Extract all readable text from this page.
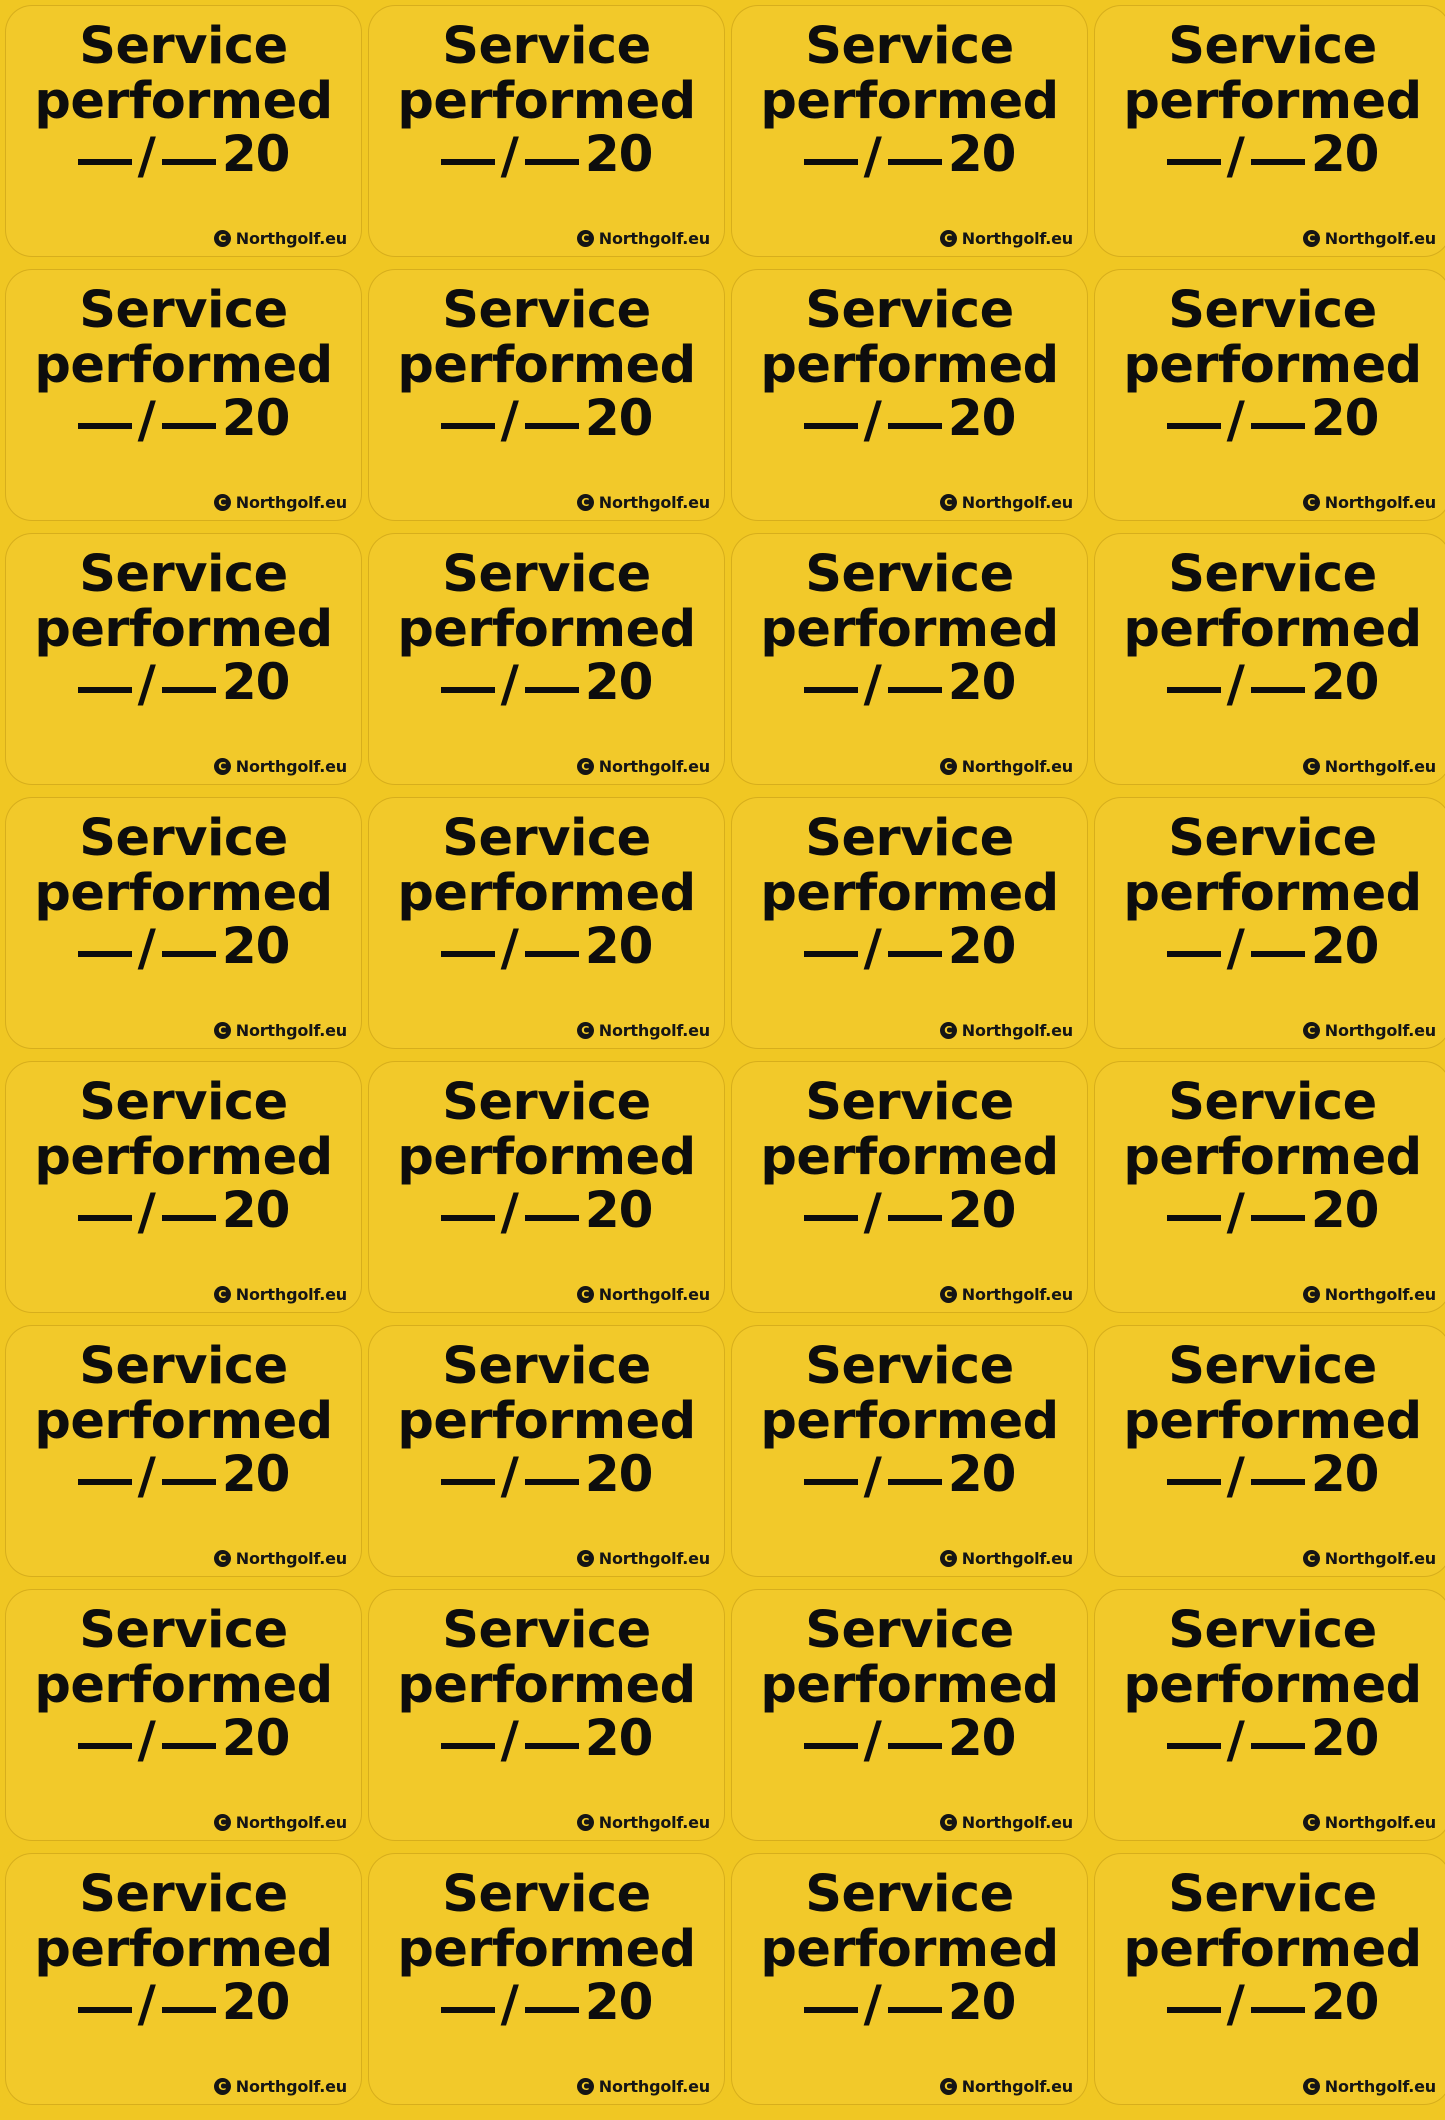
Service
performed
/ 20
C Northgolf.eu
Service
performed
/ 20
C Northgolf.eu
Service
performed
/ 20
C Northgolf.eu
Service
performed
/ 20
C Northgolf.eu
Service
performed
/ 20
C Northgolf.eu
Service
performed
/ 20
C Northgolf.eu
Service
performed
/ 20
C Northgolf.eu
Service
performed
/ 20
C Northgolf.eu
Service
performed
/ 20
C Northgolf.eu
Service
performed
/ 20
C Northgolf.eu
Service
performed
/ 20
C Northgolf.eu
Service
performed
/ 20
C Northgolf.eu
Service
performed
/ 20
C Northgolf.eu
Service
performed
/ 20
C Northgolf.eu
Service
performed
/ 20
C Northgolf.eu
Service
performed
/ 20
C Northgolf.eu
Service
performed
/ 20
C Northgolf.eu
Service
performed
/ 20
C Northgolf.eu
Service
performed
/ 20
C Northgolf.eu
Service
performed
/ 20
C Northgolf.eu
Service
performed
/ 20
C Northgolf.eu
Service
performed
/ 20
C Northgolf.eu
Service
performed
/ 20
C Northgolf.eu
Service
performed
/ 20
C Northgolf.eu
Service
performed
/ 20
C Northgolf.eu
Service
performed
/ 20
C Northgolf.eu
Service
performed
/ 20
C Northgolf.eu
Service
performed
/ 20
C Northgolf.eu
Service
performed
/ 20
C Northgolf.eu
Service
performed
/ 20
C Northgolf.eu
Service
performed
/ 20
C Northgolf.eu
Service
performed
/ 20
C Northgolf.eu
